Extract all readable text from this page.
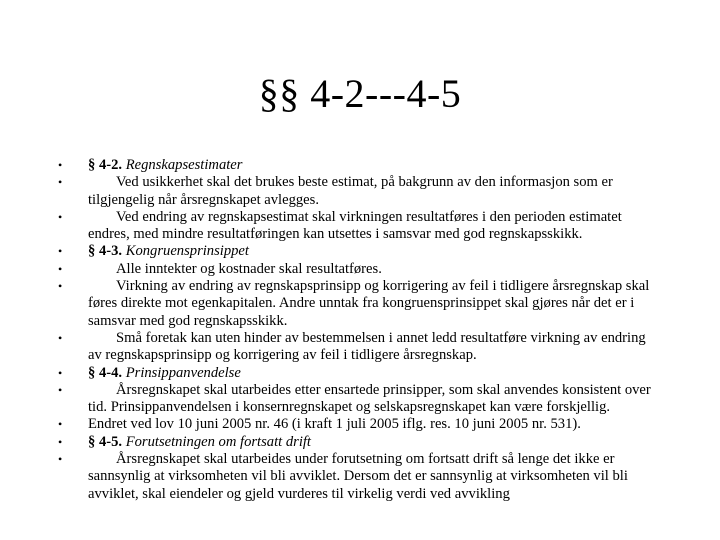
§§ 4-2---4-5
• § 4-2. Regnskapsestimater
• Ved usikkerhet skal det brukes beste estimat, på bakgrunn av den informasjon som er tilgjengelig når årsregnskapet avlegges.
• Ved endring av regnskapsestimat skal virkningen resultatføres i den perioden estimatet endres, med mindre resultatføringen kan utsettes i samsvar med god regnskapsskikk.
• § 4-3. Kongruensprinsippet
• Alle inntekter og kostnader skal resultatføres.
• Virkning av endring av regnskapsprinsipp og korrigering av feil i tidligere årsregnskap skal føres direkte mot egenkapitalen. Andre unntak fra kongruensprinsippet skal gjøres når det er i samsvar med god regnskapsskikk.
• Små foretak kan uten hinder av bestemmelsen i annet ledd resultatføre virkning av endring av regnskapsprinsipp og korrigering av feil i tidligere årsregnskap.
• § 4-4. Prinsippanvendelse
• Årsregnskapet skal utarbeides etter ensartede prinsipper, som skal anvendes konsistent over tid. Prinsippanvendelsen i konsernregnskapet og selskapsregnskapet kan være forskjellig.
• Endret ved lov 10 juni 2005 nr. 46 (i kraft 1 juli 2005 iflg. res. 10 juni 2005 nr. 531).
• § 4-5. Forutsetningen om fortsatt drift
• Årsregnskapet skal utarbeides under forutsetning om fortsatt drift så lenge det ikke er sannsynlig at virksomheten vil bli avviklet. Dersom det er sannsynlig at virksomheten vil bli avviklet, skal eiendeler og gjeld vurderes til virkelig verdi ved avvikling
